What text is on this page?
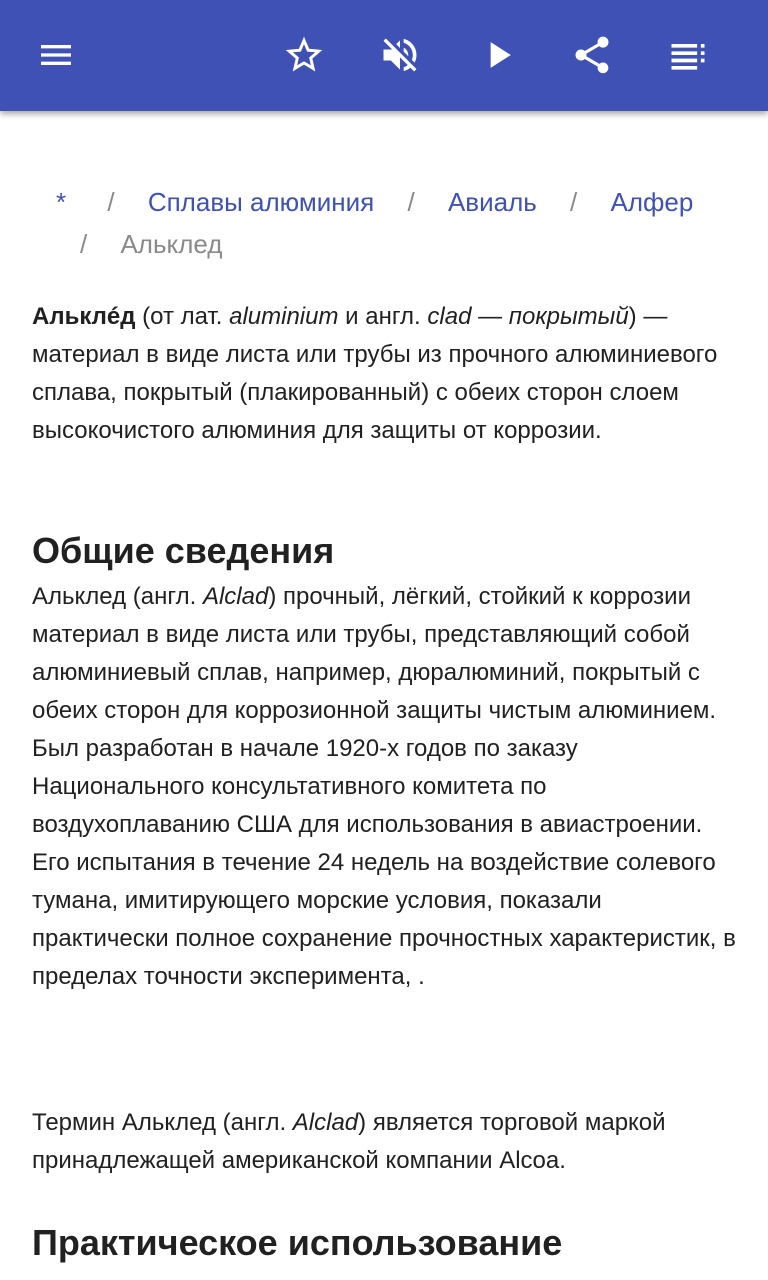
* / Сплавы алюминия / Авиаль / Алфер
/ Альклед

Альклéд (от лат. aluminium и англ. clad — покрытый) — материал в виде листа или трубы из прочного алюминиевого сплава, покрытый (плакированный) с обеих сторон слоем высокочистого алюминия для защиты от коррозии.

Общие сведения

Альклед (англ. Alclad) прочный, лёгкий, стойкий к коррозии материал в виде листа или трубы, представляющий собой алюминиевый сплав, например, дюралюминий, покрытый с обеих сторон для коррозионной защиты чистым алюминием. Был разработан в начале 1920-х годов по заказу Национального консультативного комитета по воздухоплаванию США для использования в авиастроении. Его испытания в течение 24 недель на воздействие солевого тумана, имитирующего морские условия, показали практически полное сохранение прочностных характеристик, в пределах точности эксперимента, .

Термин Альклед (англ. Alclad) является торговой маркой принадлежащей американской компании Alcoa.

Практическое использование
